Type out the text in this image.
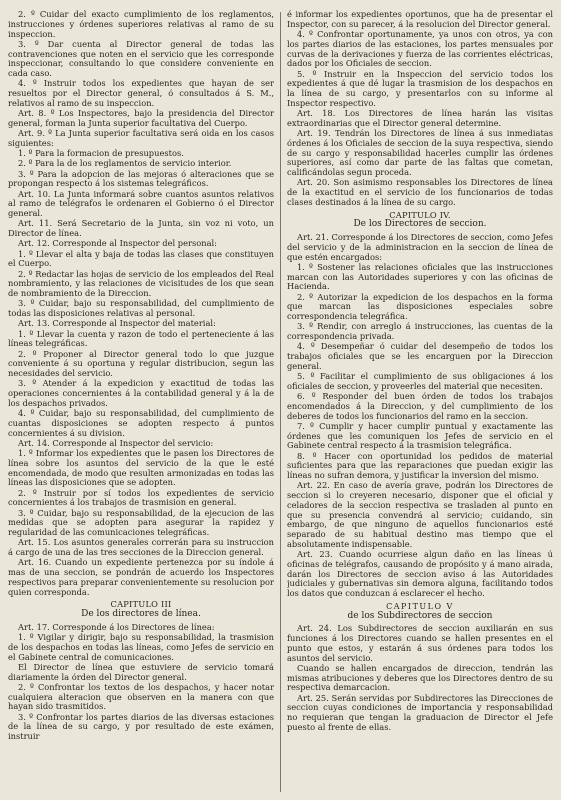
2. º Cuidar del exacto cumplimiento de los reglamentos, instrucciones y órdenes superiores relativas al ramo de su inspeccion.

3. º Dar cuenta al Director general de todas las contravenciones que noten en el servicio que les corresponde inspeccionar, consultando lo que considere conveniente en cada caso.

4. º Instruir todos los expedientes que hayan de ser resueltos por el Director general, ó consultados á S. M., relativos al ramo de su inspeccion.

Art. 8. º Los Inspectores, bajo la presidencia del Director general, forman la Junta superior facultativa del Cuerpo.

Art. 9. º La Junta superior facultativa será oida en los casos siguientes:

1. º Para la formacion de presupuestos.

2. º Para la de los reglamentos de servicio interior.

3. º Para la adopcion de las mejoras ó alteraciones que se propongan respecto á los sistemas telegráficos.

Art. 10. La Junta informará sobre cuantos asuntos relativos al ramo de telégrafos le ordenaren el Gobierno ó el Director general.

Art. 11. Será Secretario de la Junta, sin voz ni voto, un Director de línea.

Art. 12. Corresponde al Inspector del personal:

1. º Llevar el alta y baja de todas las clases que constituyen el Cuerpo.

2. º Redactar las hojas de servicio de los empleados del Real nombramiento, y las relaciones de vicisitudes de los que sean de nombramiento de la Direccion.

3. º Cuidar, bajo su responsabilidad, del cumplimiento de todas las disposiciones relativas al personal.

Art. 13. Corresponde al Inspector del material:

1. º Llevar la cuenta y razon de todo el perteneciente á las líneas telegráficas.

2. º Proponer al Director general todo lo que juzgue conveniente á su oportuna y regular distribucion, segun las necesidades del servicio.

3. º Atender á la expedicion y exactitud de todas las operaciones concernientes á la contabilidad general y á la de los despachos privados.

4. º Cuidar, bajo su responsabilidad, del cumplimiento de cuantas disposiciones se adopten respecto á puntos concernientes á su division.

Art. 14. Corresponde al Inspector del servicio:

1. º Informar los expedientes que le pasen los Directores de línea sobre los asuntos del servicio de la que le esté encomendada, de modo que resulten armonizadas en todas las líneas las disposiciones que se adopten.

2. º Instruir por sí todos los expedientes de servicio concernientes á los trabajos de trasmision en general.

3. º Cuidar, bajo su responsabilidad, de la ejecucion de las medidas que se adopten para asegurar la rapidez y regularidad de las comunicaciones telegráficas.

Art. 15. Los asuntos generales correrán para su instruccion á cargo de una de las tres secciones de la Direccion general.

Art. 16. Cuando un expediente pertenezca por su índole á mas de una seccion, se pondrán de acuerdo los Inspectores respectivos para preparar convenientemente su resolucion por quien corresponda.

CAPITULO III

De los directores de línea.

Art. 17. Corresponde á los Directores de línea:

1. º Vigilar y dirigir, bajo su responsabilidad, la trasmision de los despachos en todas las líneas, como Jefes de servicio en el Gabinete central de comunicaciones.

El Director de línea que estuviere de servicio tomará diariamente la órden del Director general.

2. º Confrontar los textos de los despachos, y hacer notar cualquiera alteracion que observen en la manera con que hayan sido trasmitidos.

3. º Confrontar los partes diarios de las diversas estaciones de la línea de su cargo, y por resultado de este exámen, instruir

é informar los expedientes oportunos, que ha de presentar el Inspector, con su parecer, á la resolucion del Director general.

4. º Confrontar oportunamente, ya unos con otros, ya con los partes diarios de las estaciones, los partes mensuales por curvas de la derivaciones y fuerza de las corrientes eléctricas, dados por los Oficiales de seccion.

5. º Instruir en la Inspeccion del servicio todos los expedientes á que dé lugar la trasmision de los despachos en la línea de su cargo, y presentarlos con su informe al Inspector respectivo.

Art. 18. Los Directores de línea harán las visitas extraordinarias que el Director general determine.

Art. 19. Tendrán los Directores de línea á sus inmediatas órdenes á los Oficiales de seccion de la suya respectiva, siendo de su cargo y responsabilidad hacerles cumplir las órdenes superiores, así como dar parte de las faltas que cometan, calificándolas segun proceda.

Art. 20. Son asimismo responsables los Directores de línea de la exactitud en el servicio de los funcionarios de todas clases destinados á la línea de su cargo.

CAPITULO IV.

De los Directores de seccion.

Art. 21. Corresponde á los Directores de seccion, como Jefes del servicio y de la administracion en la seccion de línea de que estén encargados:

1. º Sostener las relaciones oficiales que las instrucciones marcan con las Autoridades superiores y con las oficinas de Hacienda.

2. º Autorizar la expedicion de los despachos en la forma que marcan las disposiciones especiales sobre correspondencia telegráfica.

3. º Rendir, con arreglo á instrucciones, las cuentas de la correspondencia privada.

4. º Desempeñar ó cuidar del desempeño de todos los trabajos oficiales que se les encarguen por la Direccion general.

5. º Facilitar el cumplimiento de sus obligaciones á los oficiales de seccion, y proveerles del material que necesiten.

6. º Responder del buen órden de todos los trabajos encomendados á la Direccion, y del cumplimiento de los deberes de todos los funcionarios del ramo en la seccion.

7. º Cumplir y hacer cumplir puntual y exactamente las órdenes que les comuniquen los Jefes de servicio en el Gabinete central respecto á la trasmision telegráfica.

8. º Hacer con oportunidad los pedidos de material suficientes para que las reparaciones que puedan exigir las líneas no sufran demora, y justificar la inversion del mismo.

Art. 22. En caso de avería grave, podrán los Directores de seccion si lo creyeren necesario, disponer que el oficial y celadores de la seccion respectiva se trasladen al punto en que su presencia convendrá al servicio; cuidando, sin embargo, de que ninguno de aquellos funcionarios esté separado de su habitual destino mas tiempo que el absolutamente indispensable.

Art. 23. Cuando ocurriese algun daño en las líneas ú oficinas de telégrafos, causando de propósito y á mano airada, darán los Directores de seccion aviso á las Autoridades judiciales y gubernativas sin demora alguna, facilitando todos los datos que conduzcan á esclarecer el hecho.

CAPITULO V

de los Subdirectores de seccion

Art. 24. Los Subdirectores de seccion auxiliarán en sus funciones á los Directores cuando se hallen presentes en el punto que estos, y estarán á sus órdenes para todos los asuntos del servicio.

Cuando se hallen encargados de direccion, tendrán las mismas atribuciones y deberes que los Directores dentro de su respectiva demarcacion.

Art. 25. Serán servidas por Subdirectores las Direcciones de seccion cuyas condiciones de importancia y responsabilidad no requieran que tengan la graduacion de Director el Jefe puesto al frente de ellas.
